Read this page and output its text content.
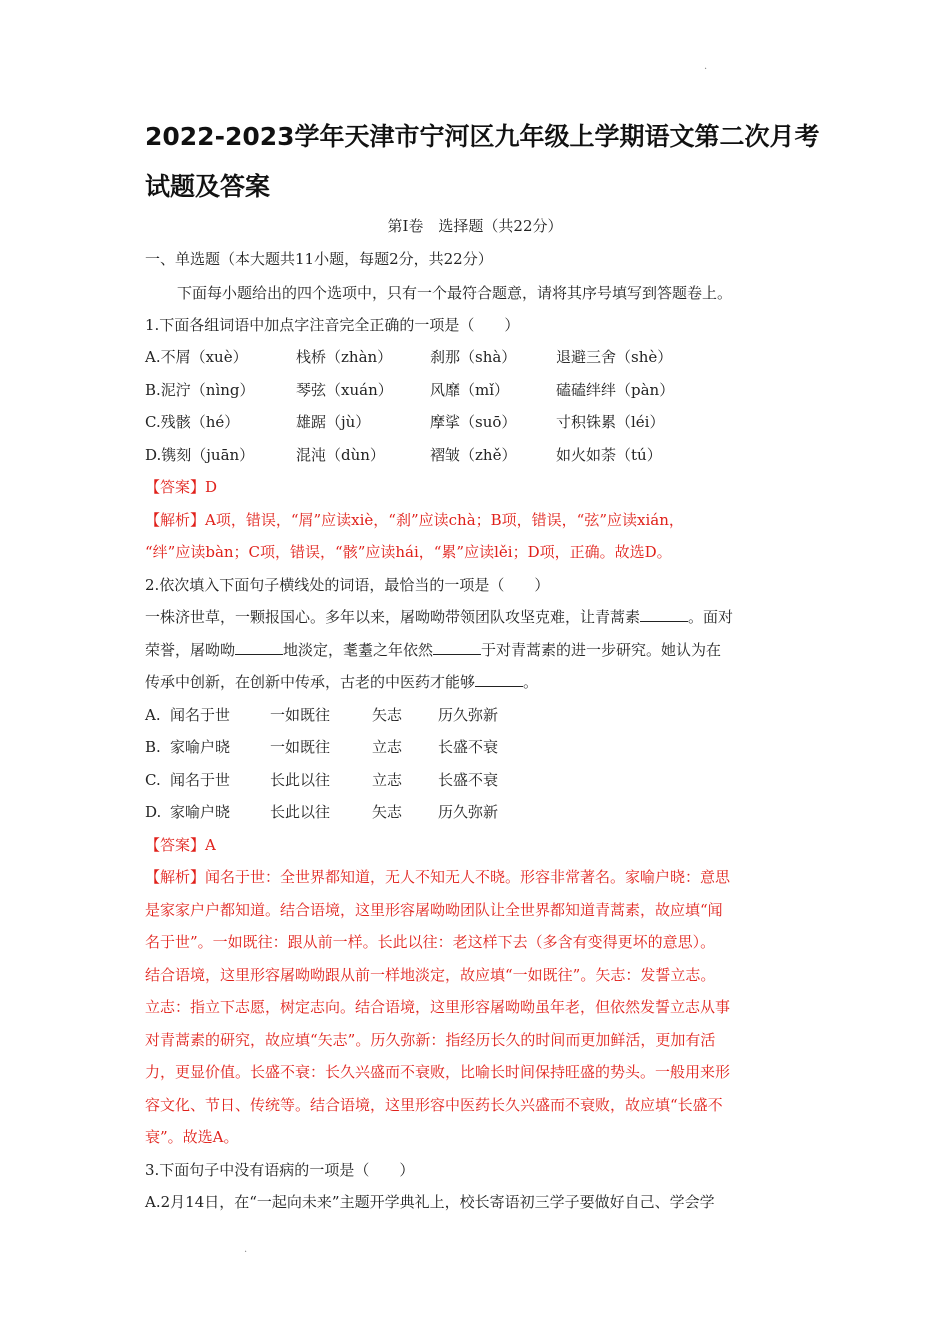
·
2022-2023学年天津市宁河区九年级上学期语文第二次月考试题及答案
第Ⅰ卷　选择题（共22分）
一、单选题（本大题共11小题，每题2分，共22分）
下面每小题给出的四个选项中，只有一个最符合题意，请将其序号填写到答题卷上。
1.下面各组词语中加点字注音完全正确的一项是（　　）
A.不屑（xuè）	栈桥（zhàn）	刹那（shà）	退避三舍（shè）
B.泥泞（nìng）	琴弦（xuán） 风靡（mǐ）	磕磕绊绊（pàn）
C.残骸（hé）	雄踞（jù）	摩挲（suō）	寸积铢累（léi）
D.镌刻（juān）	混沌（dùn）	褶皱（zhě）	如火如荼（tú）
【答案】D
【解析】A项，错误，“屑”应读xiè，“刹”应读chà；B项，错误，“弦”应读xián，
“绊”应读bàn；C项，错误，“骸”应读hái，“累”应读lěi；D项，正确。故选D。
2.依次填入下面句子横线处的词语，最恰当的一项是（　　）
一株济世草，一颗报国心。多年以来，屠呦呦带领团队攻坚克难，让青蒿素	。面对
荣誉，屠呦呦	地淡定，耄耋之年依然	于对青蒿素的进一步研究。她认为在
传承中创新，在创新中传承，古老的中医药才能够	。
A. 闻名于世	一如既往	矢志 历久弥新
B. 家喻户晓	一如既往	立志 长盛不衰
C. 闻名于世	长此以往	立志 长盛不衰
D. 家喻户晓	长此以往	矢志 历久弥新
【答案】A
【解析】闻名于世：全世界都知道，无人不知无人不晓。形容非常著名。家喻户晓：意思
是家家户户都知道。结合语境，这里形容屠呦呦团队让全世界都知道青蒿素，故应填“闻
名于世”。一如既往：跟从前一样。长此以往：老这样下去（多含有变得更坏的意思）。
结合语境，这里形容屠呦呦跟从前一样地淡定，故应填“一如既往”。矢志：发誓立志。
立志：指立下志愿，树定志向。结合语境，这里形容屠呦呦虽年老，但依然发誓立志从事
对青蒿素的研究，故应填“矢志”。历久弥新：指经历长久的时间而更加鲜活，更加有活
力，更显价值。长盛不衰：长久兴盛而不衰败，比喻长时间保持旺盛的势头。一般用来形
容文化、节日、传统等。结合语境，这里形容中医药长久兴盛而不衰败，故应填“长盛不
衰”。故选A。
3.下面句子中没有语病的一项是（　　）
A.2月14日，在“一起向未来”主题开学典礼上，校长寄语初三学子要做好自己、学会学
.
